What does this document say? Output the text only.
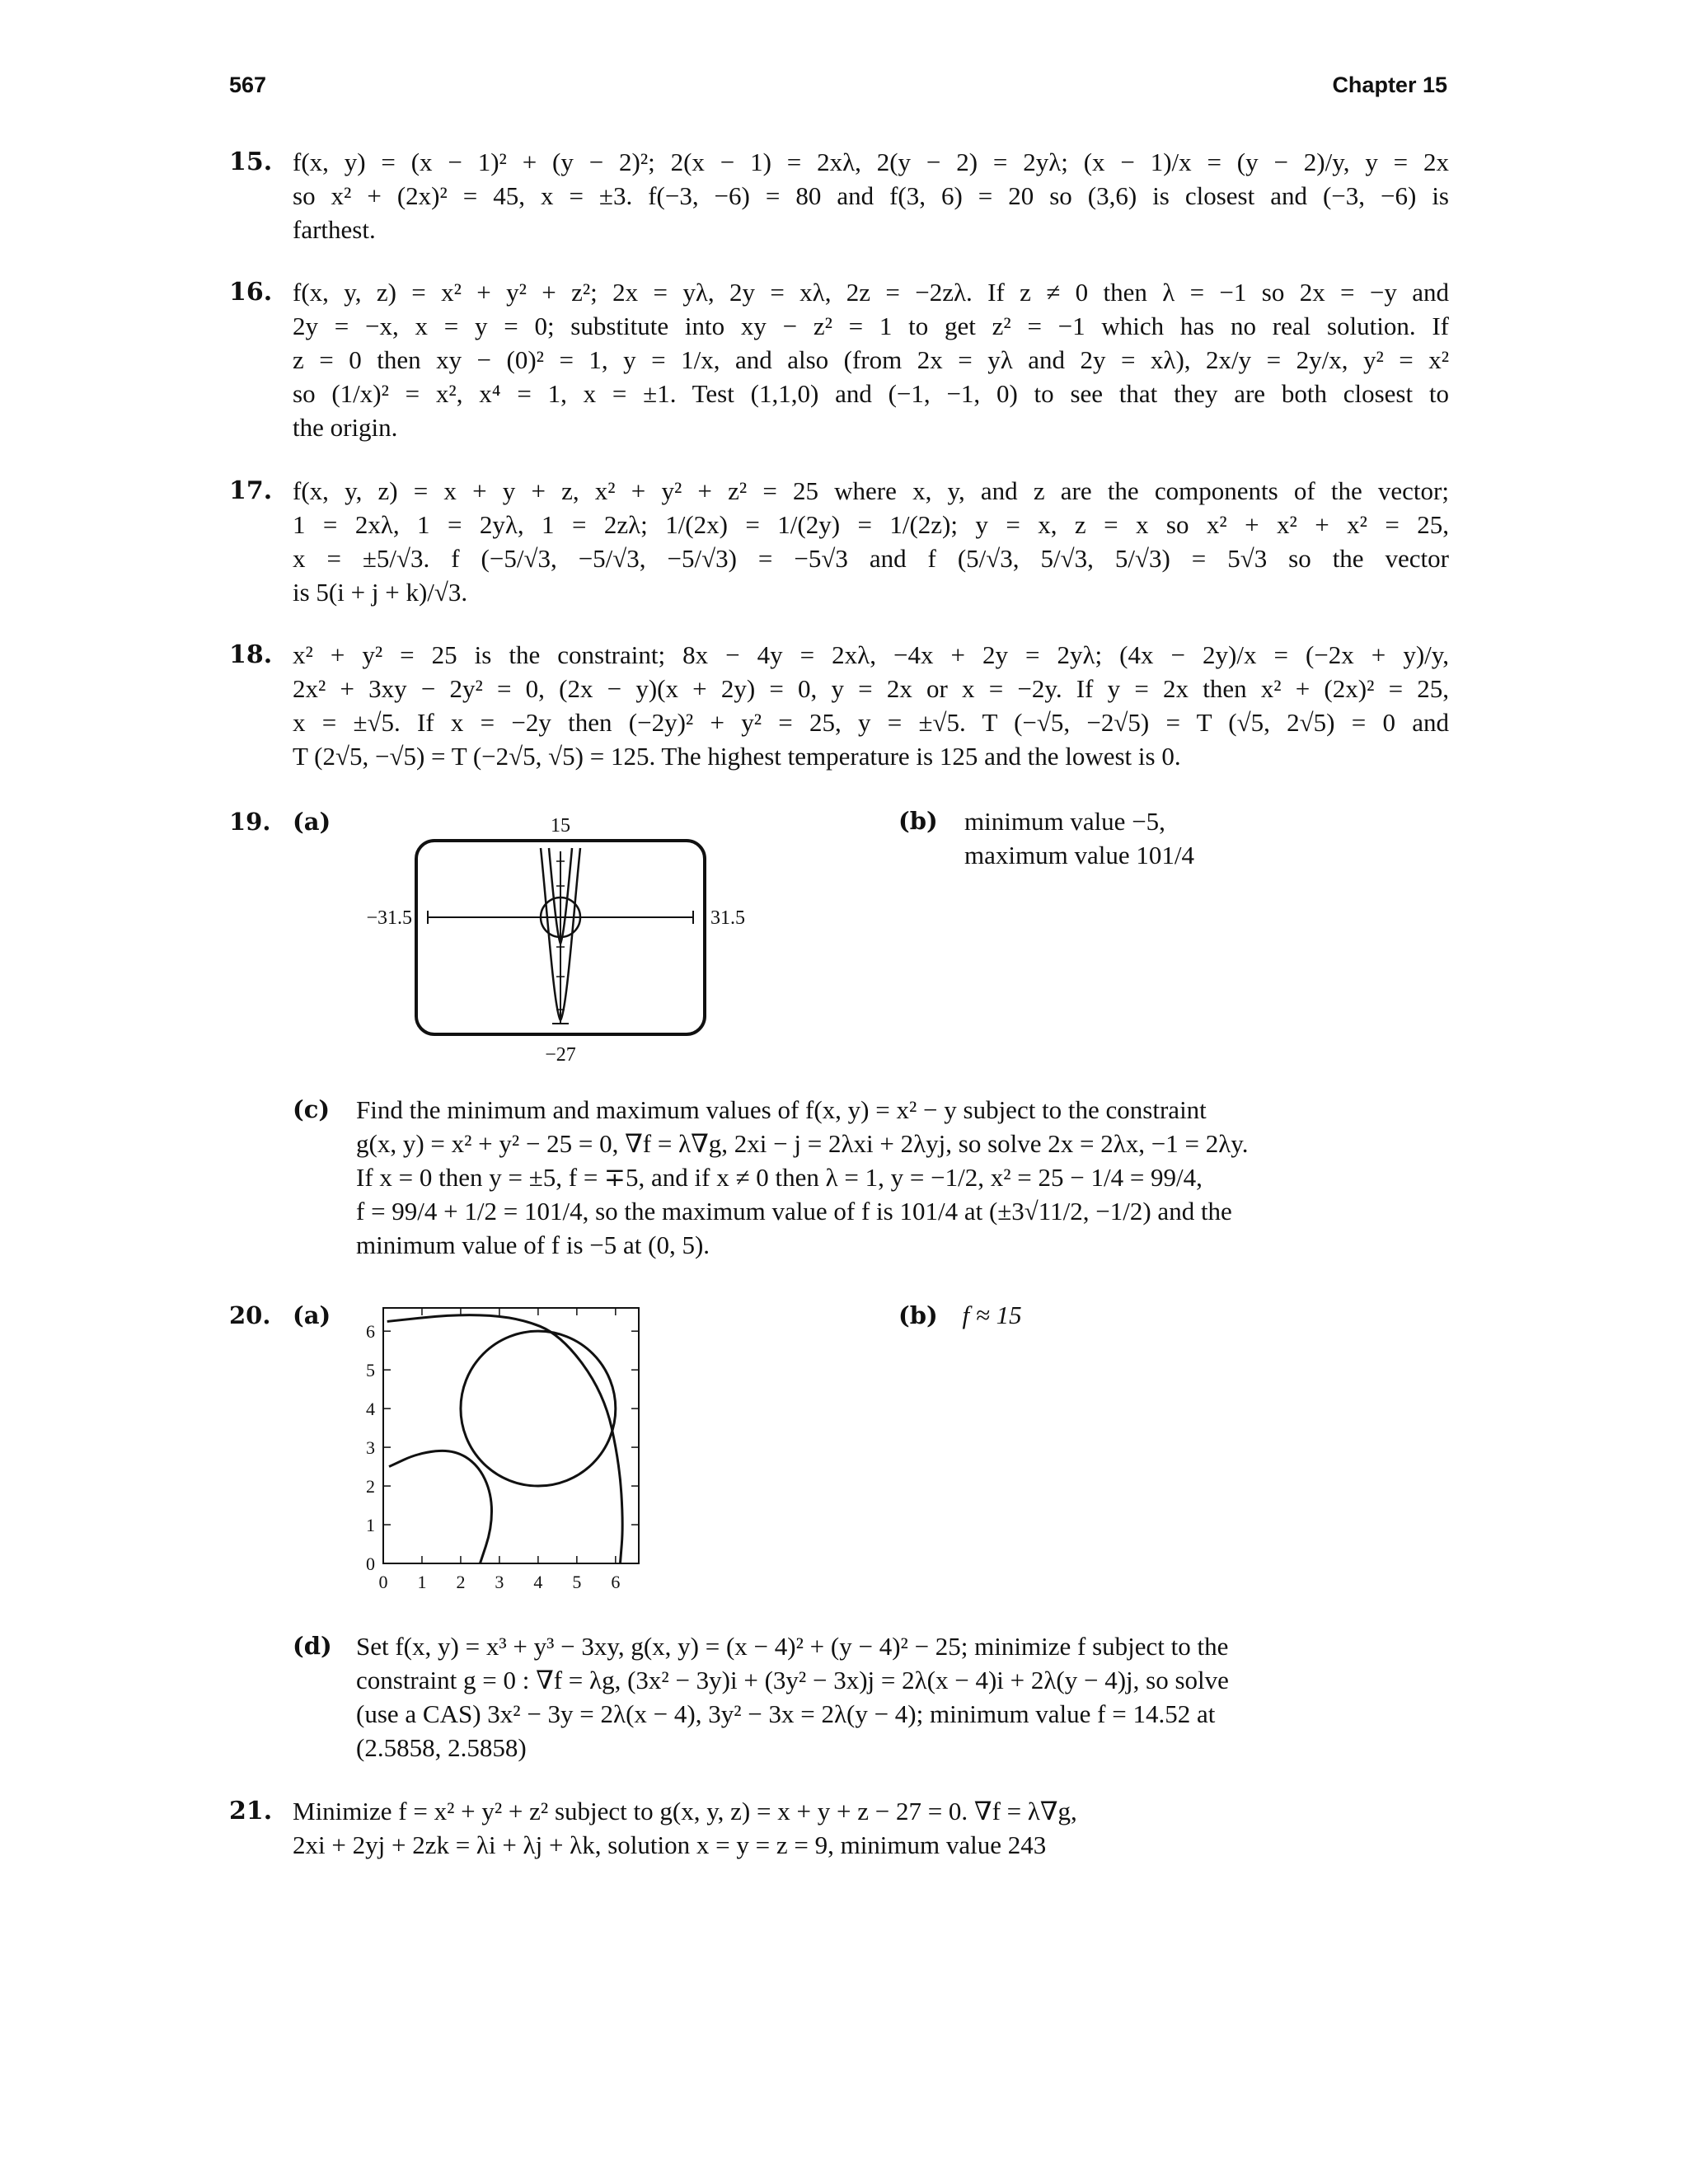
567	Chapter 15
15. f(x, y) = (x − 1)² + (y − 2)²; 2(x − 1) = 2xλ, 2(y − 2) = 2yλ; (x − 1)/x = (y − 2)/y, y = 2x
so x² + (2x)² = 45, x = ±3. f(−3, −6) = 80 and f(3, 6) = 20 so (3,6) is closest and (−3, −6) is
farthest.
16. f(x, y, z) = x² + y² + z²; 2x = yλ, 2y = xλ, 2z = −2zλ. If z ≠ 0 then λ = −1 so 2x = −y and
2y = −x, x = y = 0; substitute into xy − z² = 1 to get z² = −1 which has no real solution. If
z = 0 then xy − (0)² = 1, y = 1/x, and also (from 2x = yλ and 2y = xλ), 2x/y = 2y/x, y² = x²
so (1/x)² = x², x⁴ = 1, x = ±1. Test (1,1,0) and (−1, −1, 0) to see that they are both closest to
the origin.
17. f(x, y, z) = x + y + z, x² + y² + z² = 25 where x, y, and z are the components of the vector;
1 = 2xλ, 1 = 2yλ, 1 = 2zλ; 1/(2x) = 1/(2y) = 1/(2z); y = x, z = x so x² + x² + x² = 25,
x = ±5/√3. f (−5/√3, −5/√3, −5/√3) = −5√3 and f (5/√3, 5/√3, 5/√3) = 5√3 so the vector
is 5(i + j + k)/√3.
18. x² + y² = 25 is the constraint; 8x − 4y = 2xλ, −4x + 2y = 2yλ; (4x − 2y)/x = (−2x + y)/y,
2x² + 3xy − 2y² = 0, (2x − y)(x + 2y) = 0, y = 2x or x = −2y. If y = 2x then x² + (2x)² = 25,
x = ±√5. If x = −2y then (−2y)² + y² = 25, y = ±√5. T (−√5, −2√5) = T (√5, 2√5) = 0 and
T (2√5, −√5) = T (−2√5, √5) = 125. The highest temperature is 125 and the lowest is 0.
19. (a)	15
−27
−31.5	31.5
(b) minimum value −5,
maximum value 101/4
(c) Find the minimum and maximum values of f(x, y) = x² − y subject to the constraint
g(x, y) = x² + y² − 25 = 0, ∇f = λ∇g, 2xi − j = 2λxi + 2λyj, so solve 2x = 2λx, −1 = 2λy.
If x = 0 then y = ±5, f = ∓5, and if x ≠ 0 then λ = 1, y = −1/2, x² = 25 − 1/4 = 99/4,
f = 99/4 + 1/2 = 101/4, so the maximum value of f is 101/4 at (±3√11/2, −1/2) and the
minimum value of f is −5 at (0, 5).
20. (a)
0 1 2 3 4 5 6
0
1
2
3
4
5
6
(b) f ≈ 15
(d) Set f(x, y) = x³ + y³ − 3xy, g(x, y) = (x − 4)² + (y − 4)² − 25; minimize f subject to the
constraint g = 0 : ∇f = λg, (3x² − 3y)i + (3y² − 3x)j = 2λ(x − 4)i + 2λ(y − 4)j, so solve
(use a CAS) 3x² − 3y = 2λ(x − 4), 3y² − 3x = 2λ(y − 4); minimum value f = 14.52 at
(2.5858, 2.5858)
21. Minimize f = x² + y² + z² subject to g(x, y, z) = x + y + z − 27 = 0. ∇f = λ∇g,
2xi + 2yj + 2zk = λi + λj + λk, solution x = y = z = 9, minimum value 243
